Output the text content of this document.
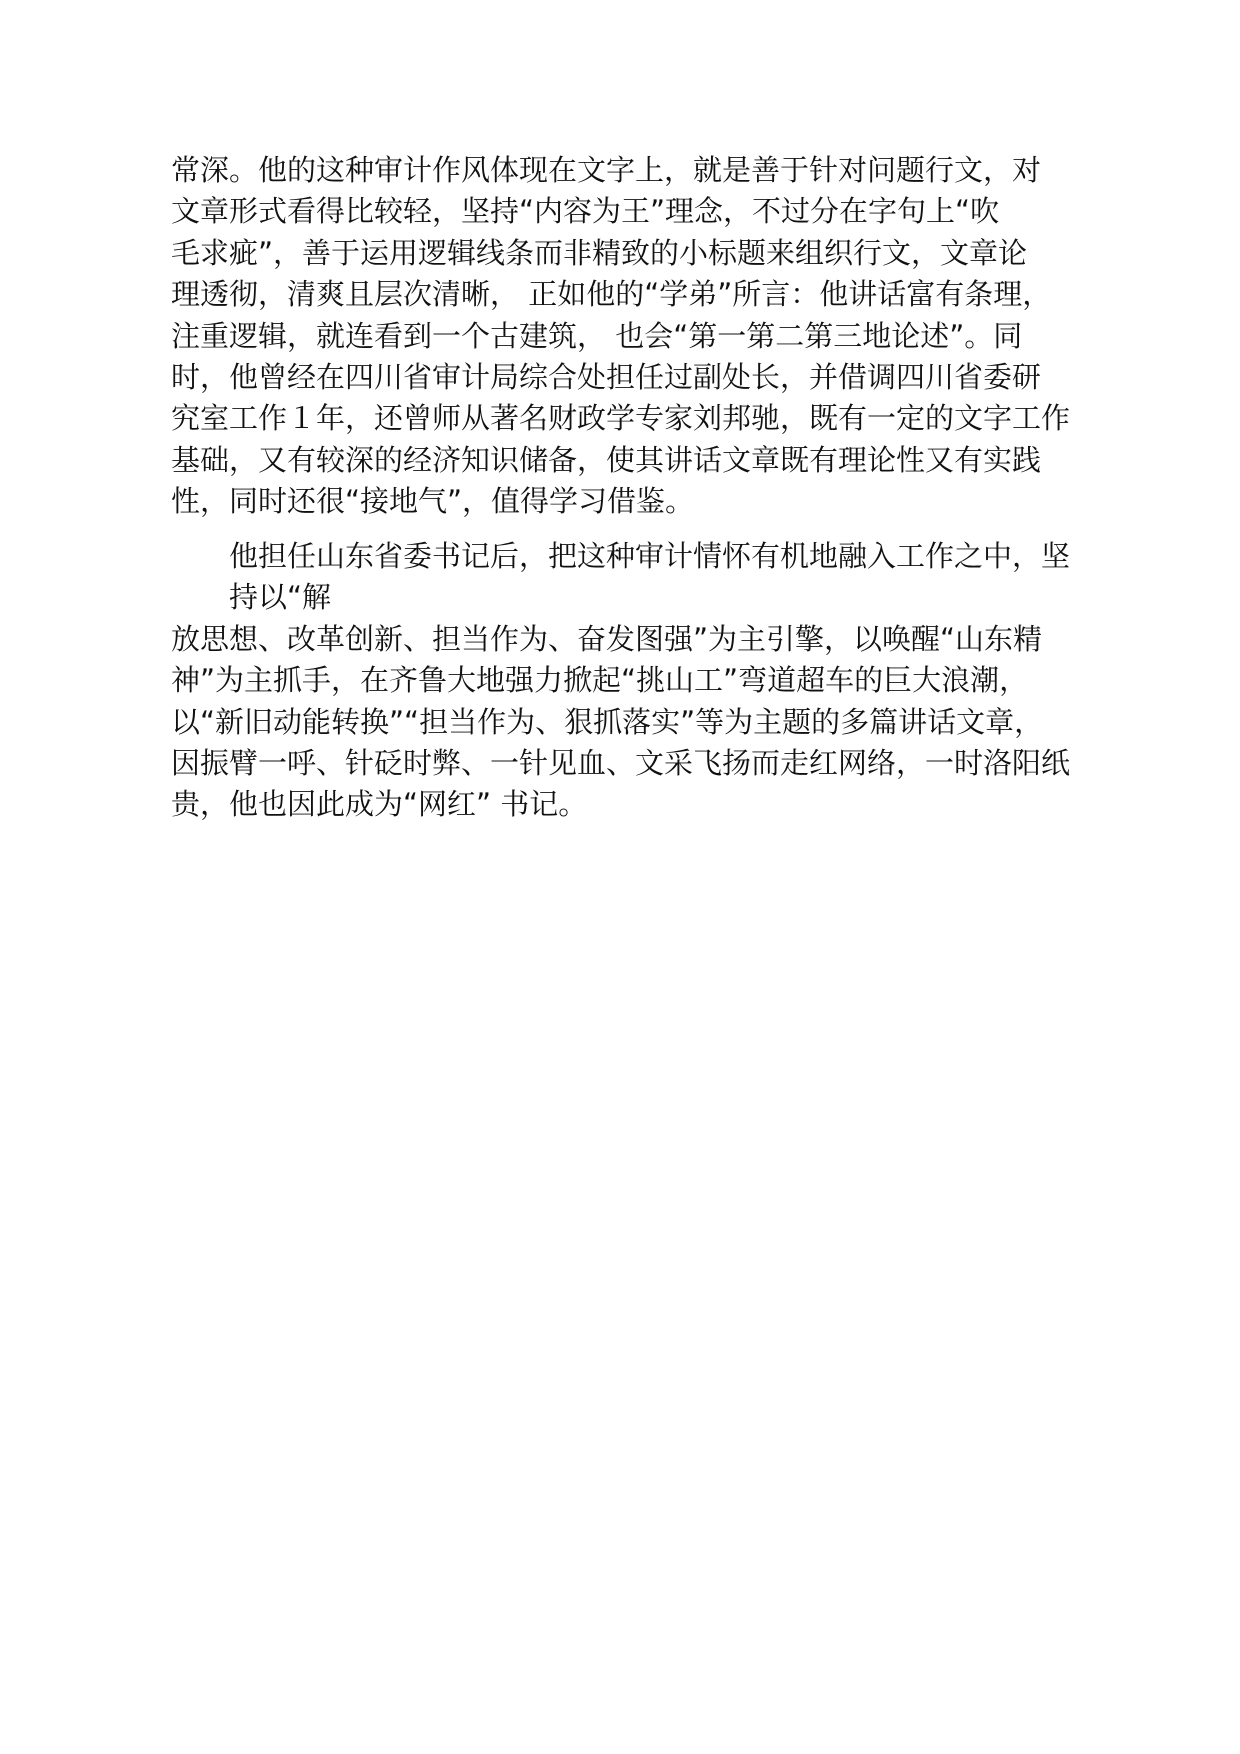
常深。他的这种审计作风体现在文字上，就是善于针对问题行文，对
文章形式看得比较轻，坚持“内容为王”理念，不过分在字句上“吹
毛求疵”，善于运用逻辑线条而非精致的小标题来组织行文，文章论
理透彻，清爽且层次清晰， 正如他的“学弟”所言：他讲话富有条理，
注重逻辑，就连看到一个古建筑， 也会“第一第二第三地论述”。同
时，他曾经在四川省审计局综合处担任过副处长，并借调四川省委研
究室工作１年，还曾师从著名财政学专家刘邦驰，既有一定的文字工作
基础，又有较深的经济知识储备，使其讲话文章既有理论性又有实践
性，同时还很“接地气”，值得学习借鉴。
他担任山东省委书记后，把这种审计情怀有机地融入工作之中，坚
持以“解
放思想、改革创新、担当作为、奋发图强”为主引擎，以唤醒“山东精
神”为主抓手，在齐鲁大地强力掀起“挑山工”弯道超车的巨大浪潮，
以“新旧动能转换”“担当作为、狠抓落实”等为主题的多篇讲话文章，
因振臂一呼、针砭时弊、一针见血、文采飞扬而走红网络，一时洛阳纸
贵，他也因此成为“网红” 书记。
